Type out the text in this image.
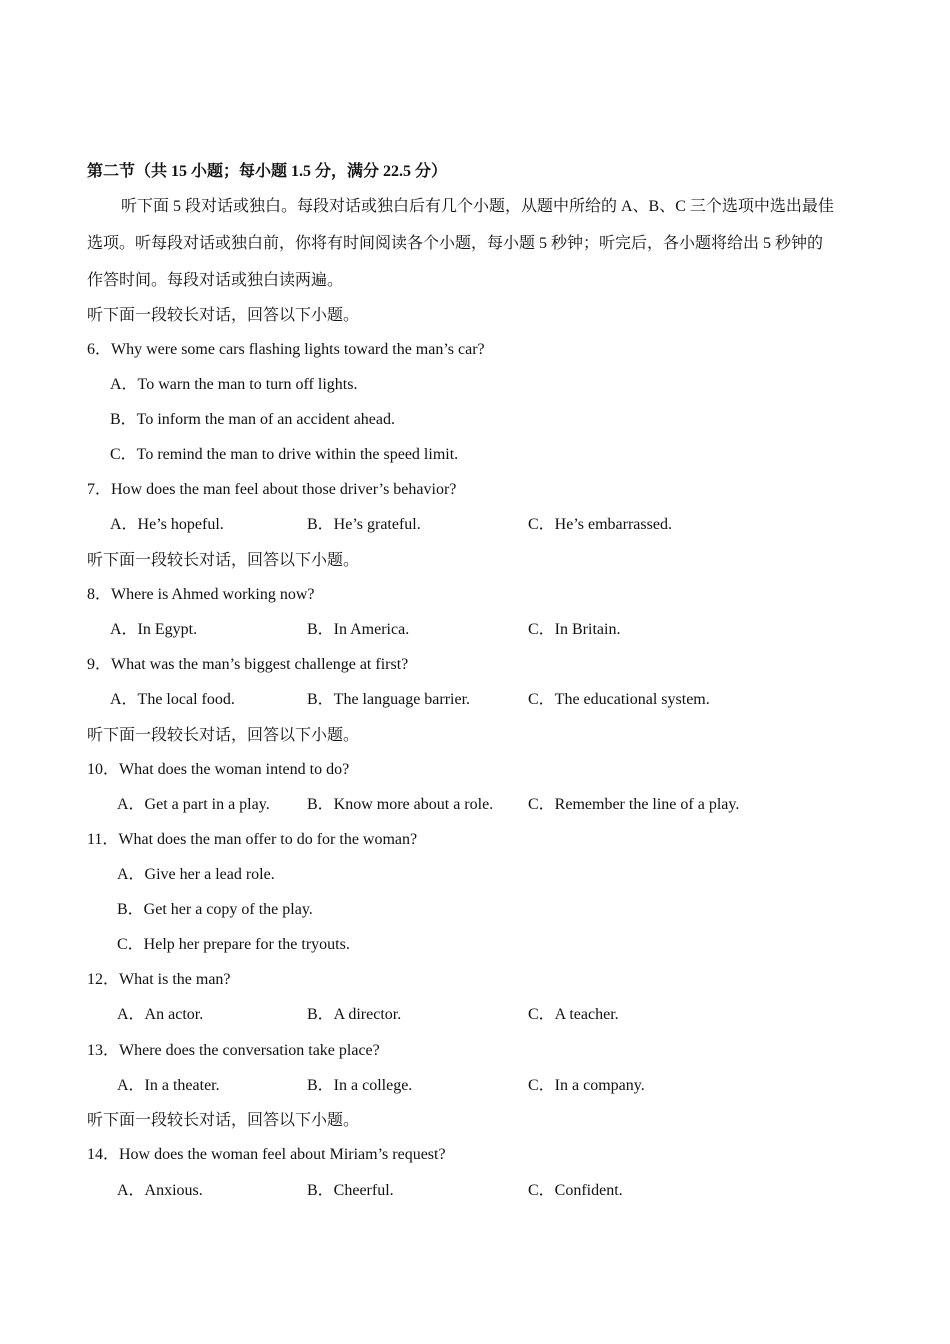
第二节（共 15 小题；每小题 1.5 分，满分 22.5 分）
听下面 5 段对话或独白。每段对话或独白后有几个小题，从题中所给的 A、B、C 三个选项中选出最佳
选项。听每段对话或独白前，你将有时间阅读各个小题，每小题 5 秒钟；听完后，各小题将给出 5 秒钟的
作答时间。每段对话或独白读两遍。
听下面一段较长对话，回答以下小题。
6．Why were some cars flashing lights toward the man’s car?
A．To warn the man to turn off lights.
B．To inform the man of an accident ahead.
C．To remind the man to drive within the speed limit.
7．How does the man feel about those driver’s behavior?
A．He’s hopeful.	B．He’s grateful.	C．He’s embarrassed.
听下面一段较长对话，回答以下小题。
8．Where is Ahmed working now?
A．In Egypt.	B．In America.	C．In Britain.
9．What was the man’s biggest challenge at first?
A．The local food.	B．The language barrier.	C．The educational system.
听下面一段较长对话，回答以下小题。
10．What does the woman intend to do?
A．Get a part in a play. B．Know more about a role. C．Remember the line of a play.
11．What does the man offer to do for the woman?
A．Give her a lead role.
B．Get her a copy of the play.
C．Help her prepare for the tryouts.
12．What is the man?
A．An actor.	B．A director.	C．A teacher.
13．Where does the conversation take place?
A．In a theater.	B．In a college.	C．In a company.
听下面一段较长对话，回答以下小题。
14．How does the woman feel about Miriam’s request?
A．Anxious.	B．Cheerful.	C．Confident.
